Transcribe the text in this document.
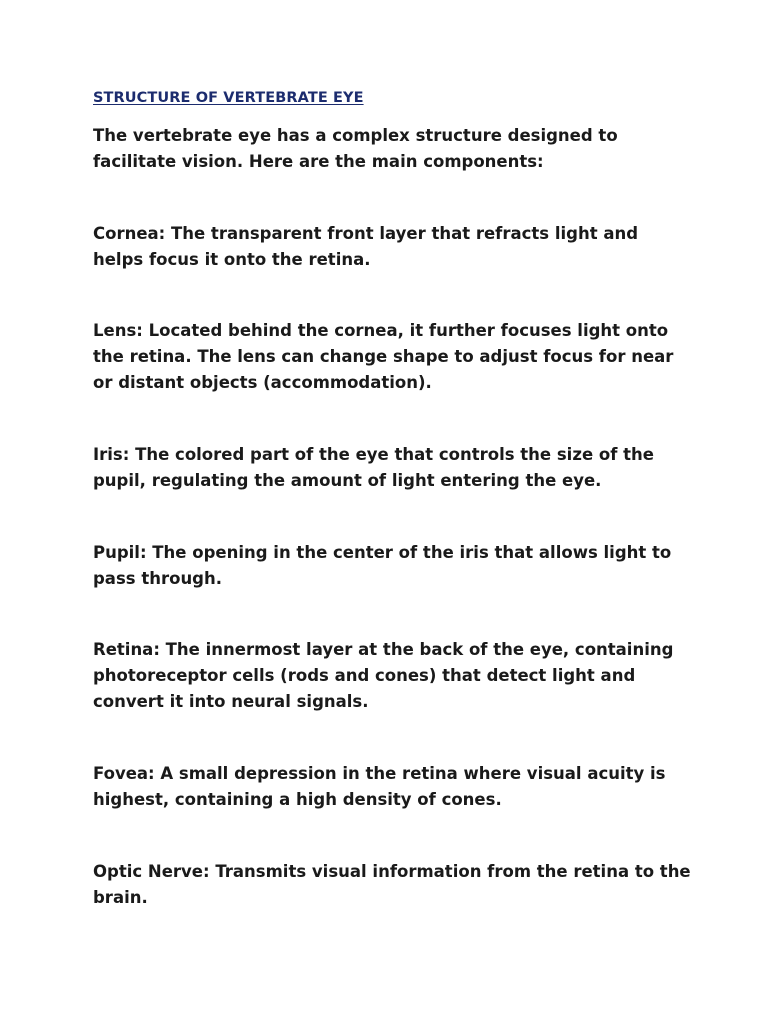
STRUCTURE OF VERTEBRATE EYE

The vertebrate eye has a complex structure designed to facilitate vision. Here are the main components:

Cornea: The transparent front layer that refracts light and helps focus it onto the retina.

Lens: Located behind the cornea, it further focuses light onto the retina. The lens can change shape to adjust focus for near or distant objects (accommodation).

Iris: The colored part of the eye that controls the size of the pupil, regulating the amount of light entering the eye.

Pupil: The opening in the center of the iris that allows light to pass through.

Retina: The innermost layer at the back of the eye, containing photoreceptor cells (rods and cones) that detect light and convert it into neural signals.

Fovea: A small depression in the retina where visual acuity is highest, containing a high density of cones.

Optic Nerve: Transmits visual information from the retina to the brain.
